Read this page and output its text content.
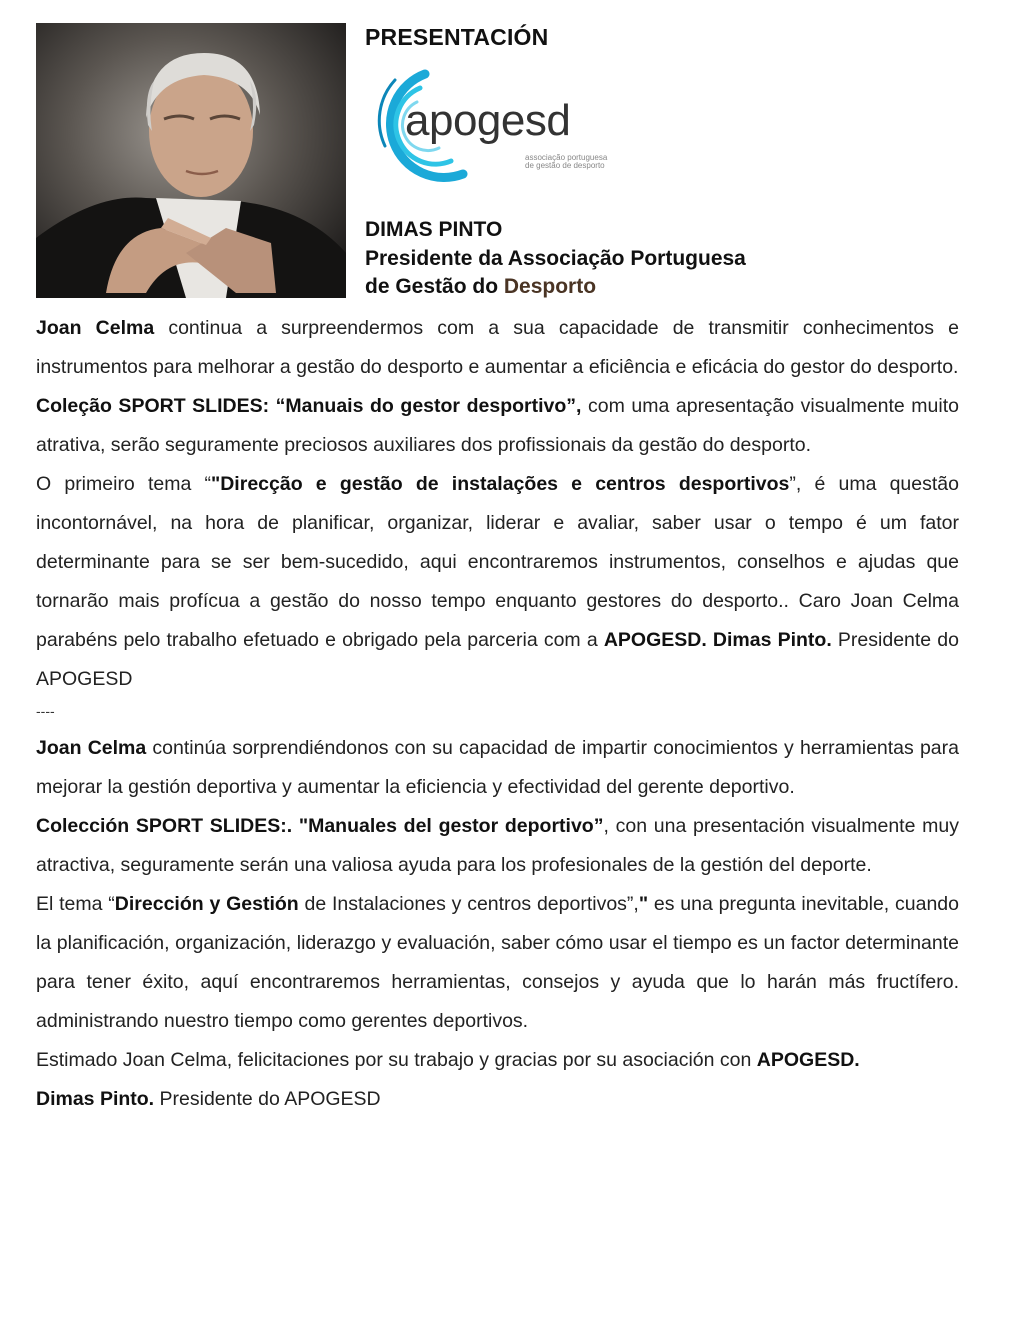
PRESENTACIÓN
apogesd
associação portuguesa de gestão de desporto
DIMAS PINTO
Presidente da Associação Portuguesa
de Gestão do Desporto

Joan Celma continua a surpreendermos com a sua capacidade de transmitir conhecimentos e instrumentos para melhorar a gestão do desporto e aumentar a eficiência e eficácia do gestor do desporto.

Coleção SPORT SLIDES: “Manuais do gestor desportivo”, com uma apresentação visualmente muito atrativa, serão seguramente preciosos auxiliares dos profissionais da gestão do desporto.

O primeiro tema “"Direcção e gestão de instalações e centros desportivos”, é uma questão incontornável, na hora de planificar, organizar, liderar e avaliar, saber usar o tempo é um fator determinante para se ser bem-sucedido, aqui encontraremos instrumentos, conselhos e ajudas que tornarão mais profícua a gestão do nosso tempo enquanto gestores do desporto.. Caro Joan Celma parabéns pelo trabalho efetuado e obrigado pela parceria com a APOGESD. Dimas Pinto. Presidente do APOGESD

----

Joan Celma continúa sorprendiéndonos con su capacidad de impartir conocimientos y herramientas para mejorar la gestión deportiva y aumentar la eficiencia y efectividad del gerente deportivo.

Colección SPORT SLIDES:. "Manuales del gestor deportivo”, con una presentación visualmente muy atractiva, seguramente serán una valiosa ayuda para los profesionales de la gestión del deporte.

El tema “Dirección y Gestión de Instalaciones y centros deportivos”," es una pregunta inevitable, cuando la planificación, organización, liderazgo y evaluación, saber cómo usar el tiempo es un factor determinante para tener éxito, aquí encontraremos herramientas, consejos y ayuda que lo harán más fructífero. administrando nuestro tiempo como gerentes deportivos.

Estimado Joan Celma, felicitaciones por su trabajo y gracias por su asociación con APOGESD.
Dimas Pinto. Presidente do APOGESD
